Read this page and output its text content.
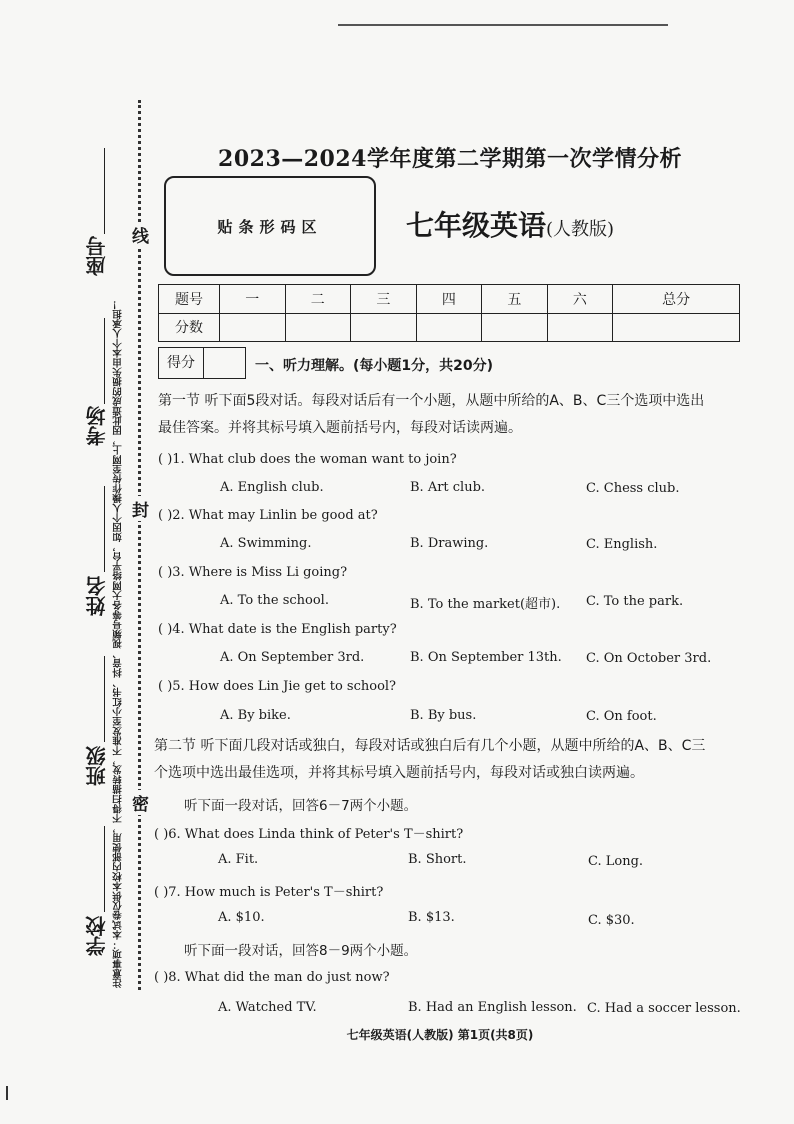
线
封
密
注意事项：本试卷仅供本校内部使用，不得扫描转发，不准发至小红书、抖音、视频号等各大网络平台，如因个人操作传至网上，因此造成的损失由本个人承担！
座号
考场
姓名
班级
学校
2023—2024学年度第二学期第一次学情分析
贴条形码区	七年级英语(人教版)
题号	一	二	三	四	五	六	总分
分数							
得分	一、听力理解。(每小题1分，共20分)
第一节 听下面5段对话。每段对话后有一个小题，从题中所给的A、B、C三个选项中选出
最佳答案。并将其标号填入题前括号内，每段对话读两遍。
( )1. What club does the woman want to join?
A. English club.	B. Art club.	C. Chess club.
( )2. What may Linlin be good at?
A. Swimming.	B. Drawing.	C. English.
( )3. Where is Miss Li going?
A. To the school.	B. To the market(超市). C. To the park.
( )4. What date is the English party?
A. On September 3rd.	B. On September 13th. C. On October 3rd.
( )5. How does Lin Jie get to school?
A. By bike.	B. By bus.	C. On foot.
第二节 听下面几段对话或独白，每段对话或独白后有几个小题，从题中所给的A、B、C三
个选项中选出最佳选项，并将其标号填入题前括号内，每段对话或独白读两遍。
听下面一段对话，回答6－7两个小题。
( )6. What does Linda think of Peter's T－shirt?
A. Fit.	B. Short.	C. Long.
( )7. How much is Peter's T－shirt?
A. $10.	B. $13.	C. $30.
听下面一段对话，回答8－9两个小题。
( )8. What did the man do just now?
A. Watched TV.	B. Had an English lesson. C. Had a soccer lesson.
七年级英语(人教版) 第1页(共8页)
